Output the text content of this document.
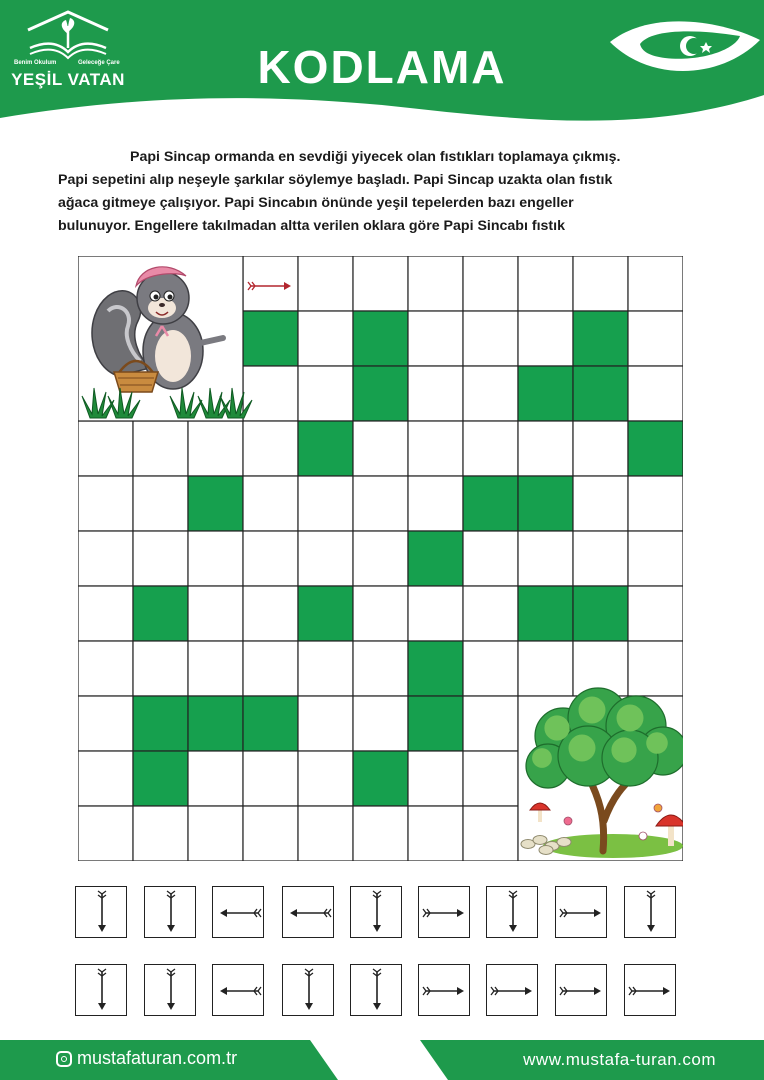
Benim Okulum	Geleceğe Çare
YEŞİL VATAN	KODLAMA
Papi Sincap ormanda en sevdiği yiyecek olan fıstıkları toplamaya çıkmış.
Papi sepetini alıp neşeyle şarkılar söylemye başladı. Papi Sincap uzakta olan fıstık
ağaca gitmeye çalışıyor. Papi Sincabın önünde yeşil tepelerden bazı engeller
bulunuyor. Engellere takılmadan altta verilen oklara göre Papi Sincabı fıstık
mustafaturan.com.tr	www.mustafa-turan.com
